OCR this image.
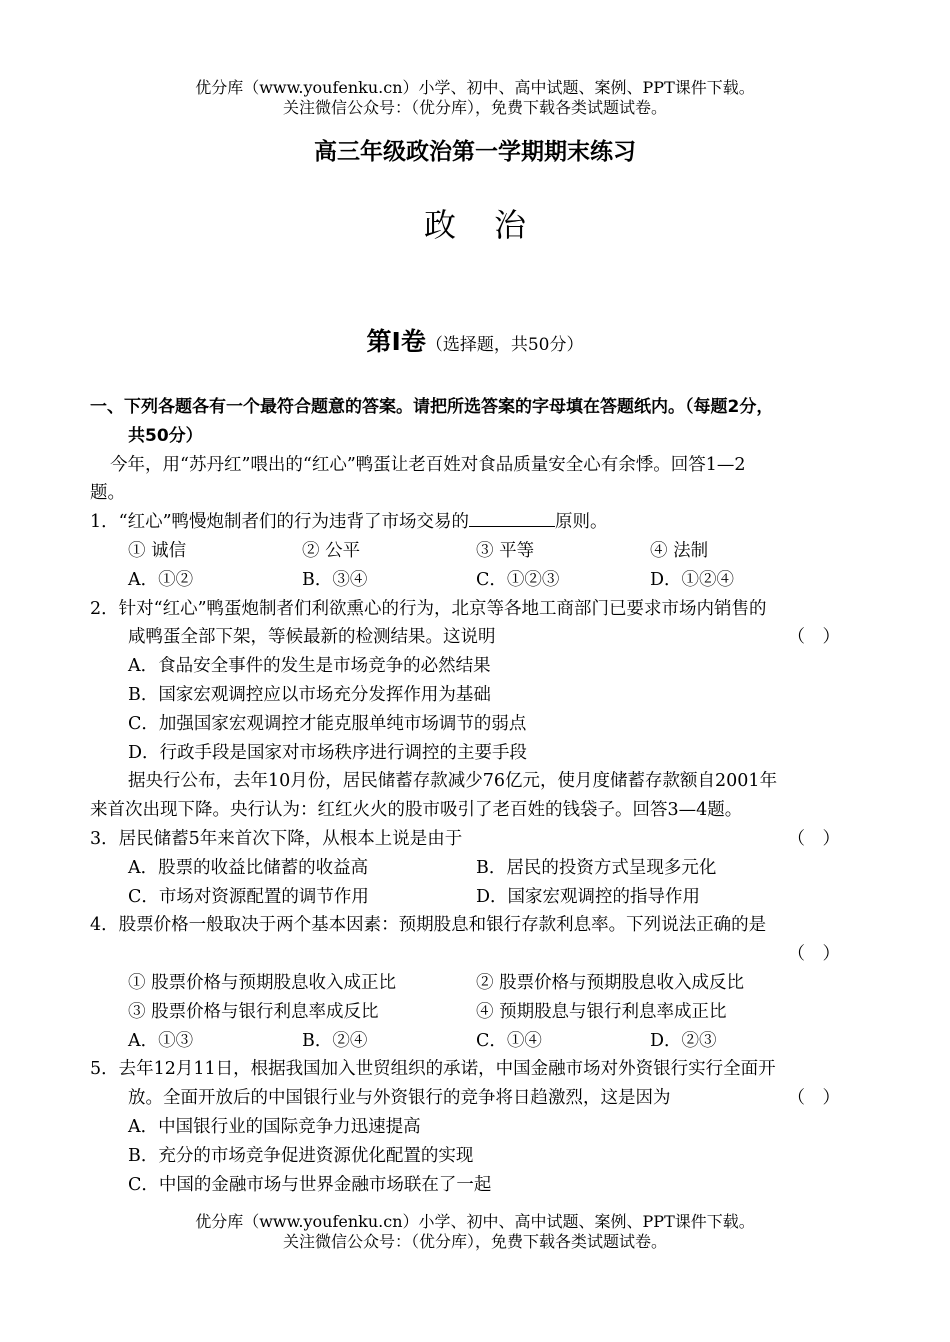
优分库（www.youfenku.cn）小学、初中、高中试题、案例、PPT课件下载。
关注微信公众号：（优分库），免费下载各类试题试卷。
高三年级政治第一学期期末练习
政治
第Ⅰ卷（选择题，共50分）
一、下列各题各有一个最符合题意的答案。请把所选答案的字母填在答题纸内。（每题2分，
共50分）
今年，用“苏丹红”喂出的“红心”鸭蛋让老百姓对食品质量安全心有余悸。回答1—2
题。
1．“红心”鸭慢炮制者们的行为违背了市场交易的	原则。
① 诚信	② 公平	③ 平等	④ 法制
A．①②	B．③④	C．①②③	D．①②④
2．针对“红心”鸭蛋炮制者们利欲熏心的行为，北京等各地工商部门已要求市场内销售的
咸鸭蛋全部下架，等候最新的检测结果。这说明	（　）
A．食品安全事件的发生是市场竞争的必然结果
B．国家宏观调控应以市场充分发挥作用为基础
C．加强国家宏观调控才能克服单纯市场调节的弱点
D．行政手段是国家对市场秩序进行调控的主要手段
据央行公布，去年10月份，居民储蓄存款减少76亿元，使月度储蓄存款额自2001年
来首次出现下降。央行认为：红红火火的股市吸引了老百姓的钱袋子。回答3—4题。
3．居民储蓄5年来首次下降，从根本上说是由于	（　）
A．股票的收益比储蓄的收益高	B．居民的投资方式呈现多元化
C．市场对资源配置的调节作用	D．国家宏观调控的指导作用
4．股票价格一般取决于两个基本因素：预期股息和银行存款利息率。下列说法正确的是

（　）
① 股票价格与预期股息收入成正比	② 股票价格与预期股息收入成反比
③ 股票价格与银行利息率成反比	④ 预期股息与银行利息率成正比
A．①③	B．②④	C．①④	D．②③
5．去年12月11日，根据我国加入世贸组织的承诺，中国金融市场对外资银行实行全面开
放。全面开放后的中国银行业与外资银行的竞争将日趋激烈，这是因为	（　）
A．中国银行业的国际竞争力迅速提高
B．充分的市场竞争促进资源优化配置的实现
C．中国的金融市场与世界金融市场联在了一起
优分库（www.youfenku.cn）小学、初中、高中试题、案例、PPT课件下载。
关注微信公众号：（优分库），免费下载各类试题试卷。
